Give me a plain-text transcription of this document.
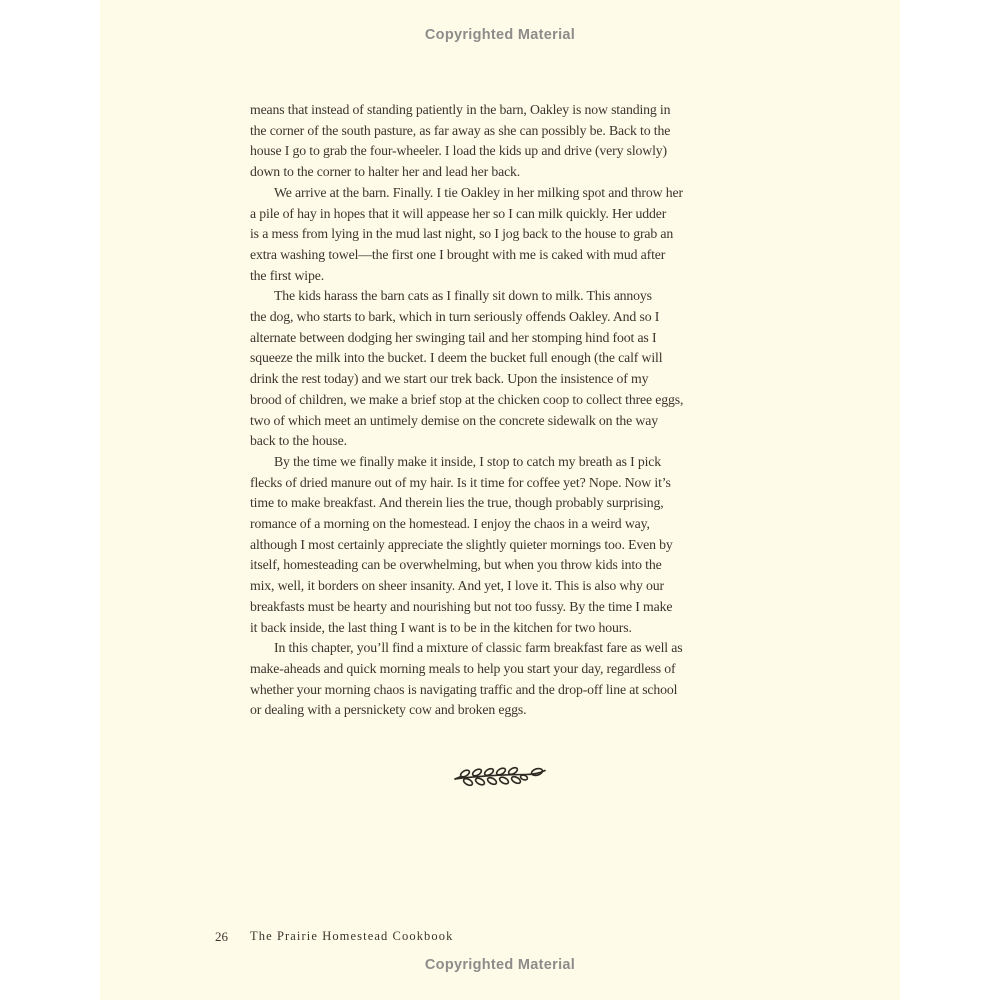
Copyrighted Material
means that instead of standing patiently in the barn, Oakley is now standing in
the corner of the south pasture, as far away as she can possibly be. Back to the
house I go to grab the four-wheeler. I load the kids up and drive (very slowly)
down to the corner to halter her and lead her back.
We arrive at the barn. Finally. I tie Oakley in her milking spot and throw her
a pile of hay in hopes that it will appease her so I can milk quickly. Her udder
is a mess from lying in the mud last night, so I jog back to the house to grab an
extra washing towel—the first one I brought with me is caked with mud after
the first wipe.
The kids harass the barn cats as I finally sit down to milk. This annoys
the dog, who starts to bark, which in turn seriously offends Oakley. And so I
alternate between dodging her swinging tail and her stomping hind foot as I
squeeze the milk into the bucket. I deem the bucket full enough (the calf will
drink the rest today) and we start our trek back. Upon the insistence of my
brood of children, we make a brief stop at the chicken coop to collect three eggs,
two of which meet an untimely demise on the concrete sidewalk on the way
back to the house.
By the time we finally make it inside, I stop to catch my breath as I pick
flecks of dried manure out of my hair. Is it time for coffee yet? Nope. Now it’s
time to make breakfast. And therein lies the true, though probably surprising,
romance of a morning on the homestead. I enjoy the chaos in a weird way,
although I most certainly appreciate the slightly quieter mornings too. Even by
itself, homesteading can be overwhelming, but when you throw kids into the
mix, well, it borders on sheer insanity. And yet, I love it. This is also why our
breakfasts must be hearty and nourishing but not too fussy. By the time I make
it back inside, the last thing I want is to be in the kitchen for two hours.
In this chapter, you’ll find a mixture of classic farm breakfast fare as well as
make-aheads and quick morning meals to help you start your day, regardless of
whether your morning chaos is navigating traffic and the drop-off line at school
or dealing with a persnickety cow and broken eggs.
26 The Prairie Homestead Cookbook
Copyrighted Material
